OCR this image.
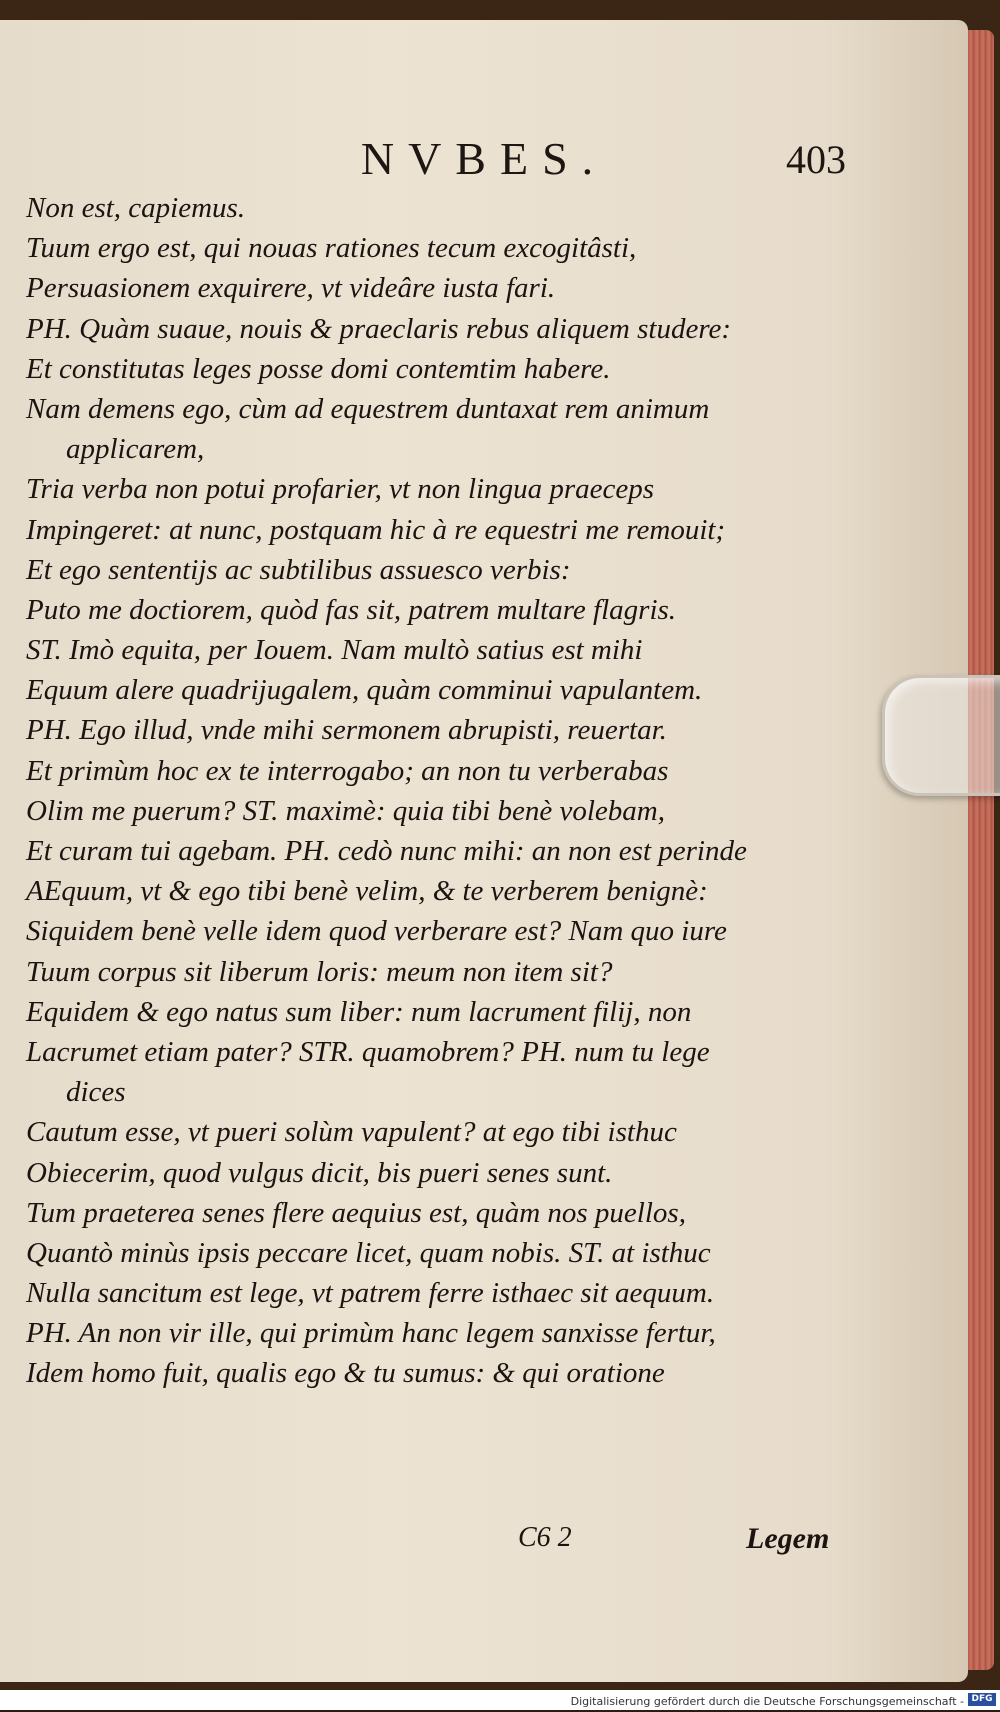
NVBES.	403
Non est, capiemus.
Tuum ergo est, qui nouas rationes tecum excogitâsti,
Persuasionem exquirere, vt videâre iusta fari.
PH. Quàm suaue, nouis & praeclaris rebus aliquem studere:
Et constitutas leges posse domi contemtim habere.
Nam demens ego, cùm ad equestrem duntaxat rem animum
applicarem,
Tria verba non potui profarier, vt non lingua praeceps
Impingeret: at nunc, postquam hic à re equestri me remouit;
Et ego sententijs ac subtilibus assuesco verbis:
Puto me doctiorem, quòd fas sit, patrem multare flagris.
ST. Imò equita, per Iouem. Nam multò satius est mihi
Equum alere quadrijugalem, quàm comminui vapulantem.
PH. Ego illud, vnde mihi sermonem abrupisti, reuertar.
Et primùm hoc ex te interrogabo; an non tu verberabas
Olim me puerum? ST. maximè: quia tibi benè volebam,
Et curam tui agebam. PH. cedò nunc mihi: an non est perinde
AEquum, vt & ego tibi benè velim, & te verberem benignè:
Siquidem benè velle idem quod verberare est? Nam quo iure
Tuum corpus sit liberum loris: meum non item sit?
Equidem & ego natus sum liber: num lacrument filij, non
Lacrumet etiam pater? STR. quamobrem? PH. num tu lege
dices
Cautum esse, vt pueri solùm vapulent? at ego tibi isthuc
Obiecerim, quod vulgus dicit, bis pueri senes sunt.
Tum praeterea senes flere aequius est, quàm nos puellos,
Quantò minùs ipsis peccare licet, quam nobis. ST. at isthuc
Nulla sancitum est lege, vt patrem ferre isthaec sit aequum.
PH. An non vir ille, qui primùm hanc legem sanxisse fertur,
Idem homo fuit, qualis ego & tu sumus: & qui oratione
C6 2	Legem
Digitalisierung gefördert durch die Deutsche Forschungsgemeinschaft - DFG
